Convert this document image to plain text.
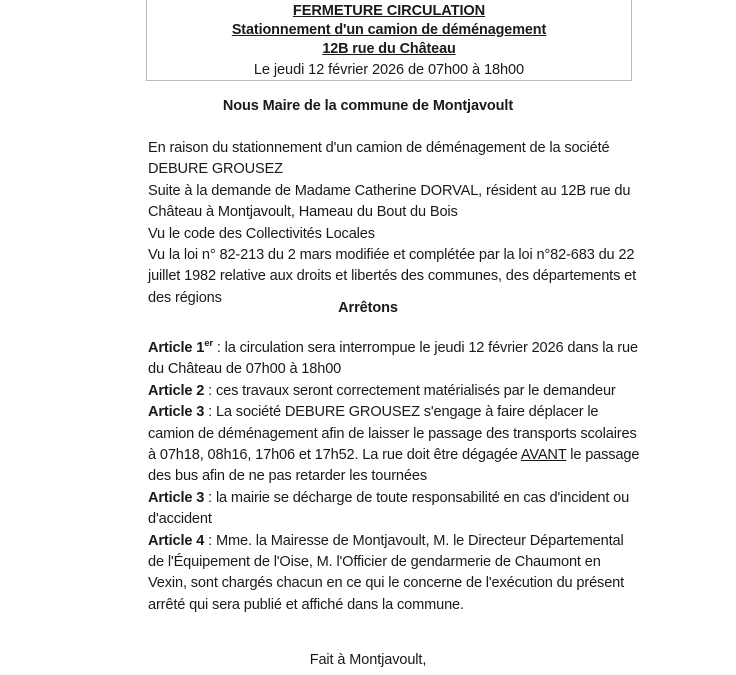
FERMETURE CIRCULATION
Stationnement d'un camion de déménagement
12B rue du Château
Le jeudi 12 février 2026 de 07h00 à 18h00
Nous Maire de la commune de Montjavoult

En raison du stationnement d'un camion de déménagement de la société DEBURE GROUSEZ

Suite à la demande de Madame Catherine DORVAL, résident au 12B rue du Château à Montjavoult, Hameau du Bout du Bois

Vu le code des Collectivités Locales

Vu la loi n° 82-213 du 2 mars modifiée et complétée par la loi n°82-683 du 22 juillet 1982 relative aux droits et libertés des communes, des départements et des régions

Arrêtons

Article 1er : la circulation sera interrompue le jeudi 12 février 2026 dans la rue du Château de 07h00 à 18h00

Article 2 : ces travaux seront correctement matérialisés par le demandeur

Article 3 : La société DEBURE GROUSEZ s'engage à faire déplacer le camion de déménagement afin de laisser le passage des transports scolaires à 07h18, 08h16, 17h06 et 17h52. La rue doit être dégagée AVANT le passage des bus afin de ne pas retarder les tournées

Article 3 : la mairie se décharge de toute responsabilité en cas d'incident ou d'accident

Article 4 : Mme. la Mairesse de Montjavoult, M. le Directeur Départemental de l'Équipement de l'Oise, M. l'Officier de gendarmerie de Chaumont en Vexin, sont chargés chacun en ce qui le concerne de l'exécution du présent arrêté qui sera publié et affiché dans la commune.

Fait à Montjavoult,
